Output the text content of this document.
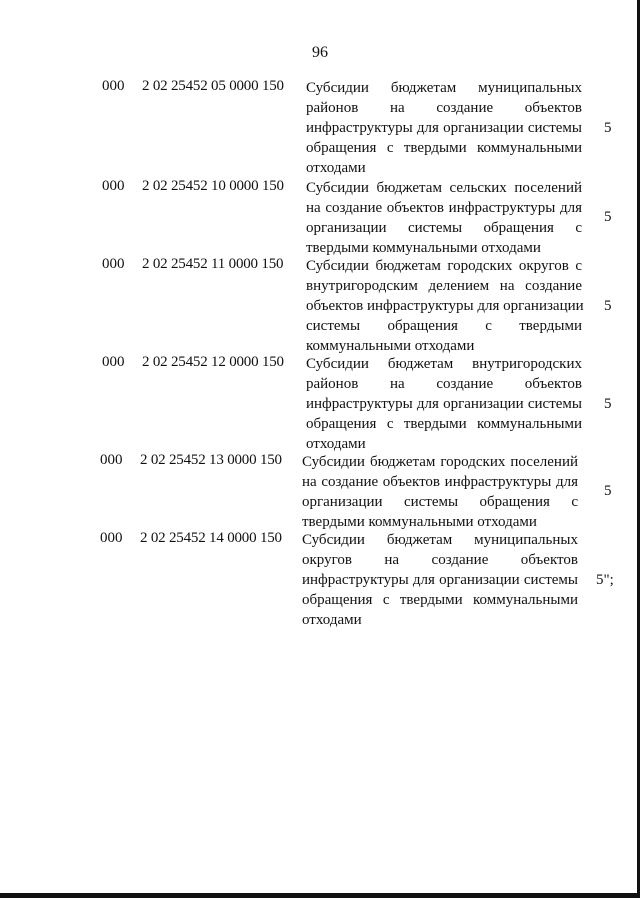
96
000 2 02 25452 05 0000 150 Субсидии бюджетам муниципальных
районов на создание объектов
инфраструктуры для организации системы
обращения с твердыми коммунальными
отходами
5
000 2 02 25452 10 0000 150 Субсидии бюджетам сельских поселений
на создание объектов инфраструктуры для
организации системы обращения с
твердыми коммунальными отходами
5
000 2 02 25452 11 0000 150 Субсидии бюджетам городских округов с
внутригородским делением на создание
объектов инфраструктуры для организации
системы обращения с твердыми
коммунальными отходами
5
000 2 02 25452 12 0000 150 Субсидии бюджетам внутригородских
районов на создание объектов
инфраструктуры для организации системы
обращения с твердыми коммунальными
отходами
5
000 2 02 25452 13 0000 150 Субсидии бюджетам городских поселений
на создание объектов инфраструктуры для
организации системы обращения с
твердыми коммунальными отходами
5
000 2 02 25452 14 0000 150 Субсидии бюджетам муниципальных
округов на создание объектов
инфраструктуры для организации системы
обращения с твердыми коммунальными
отходами
5";
